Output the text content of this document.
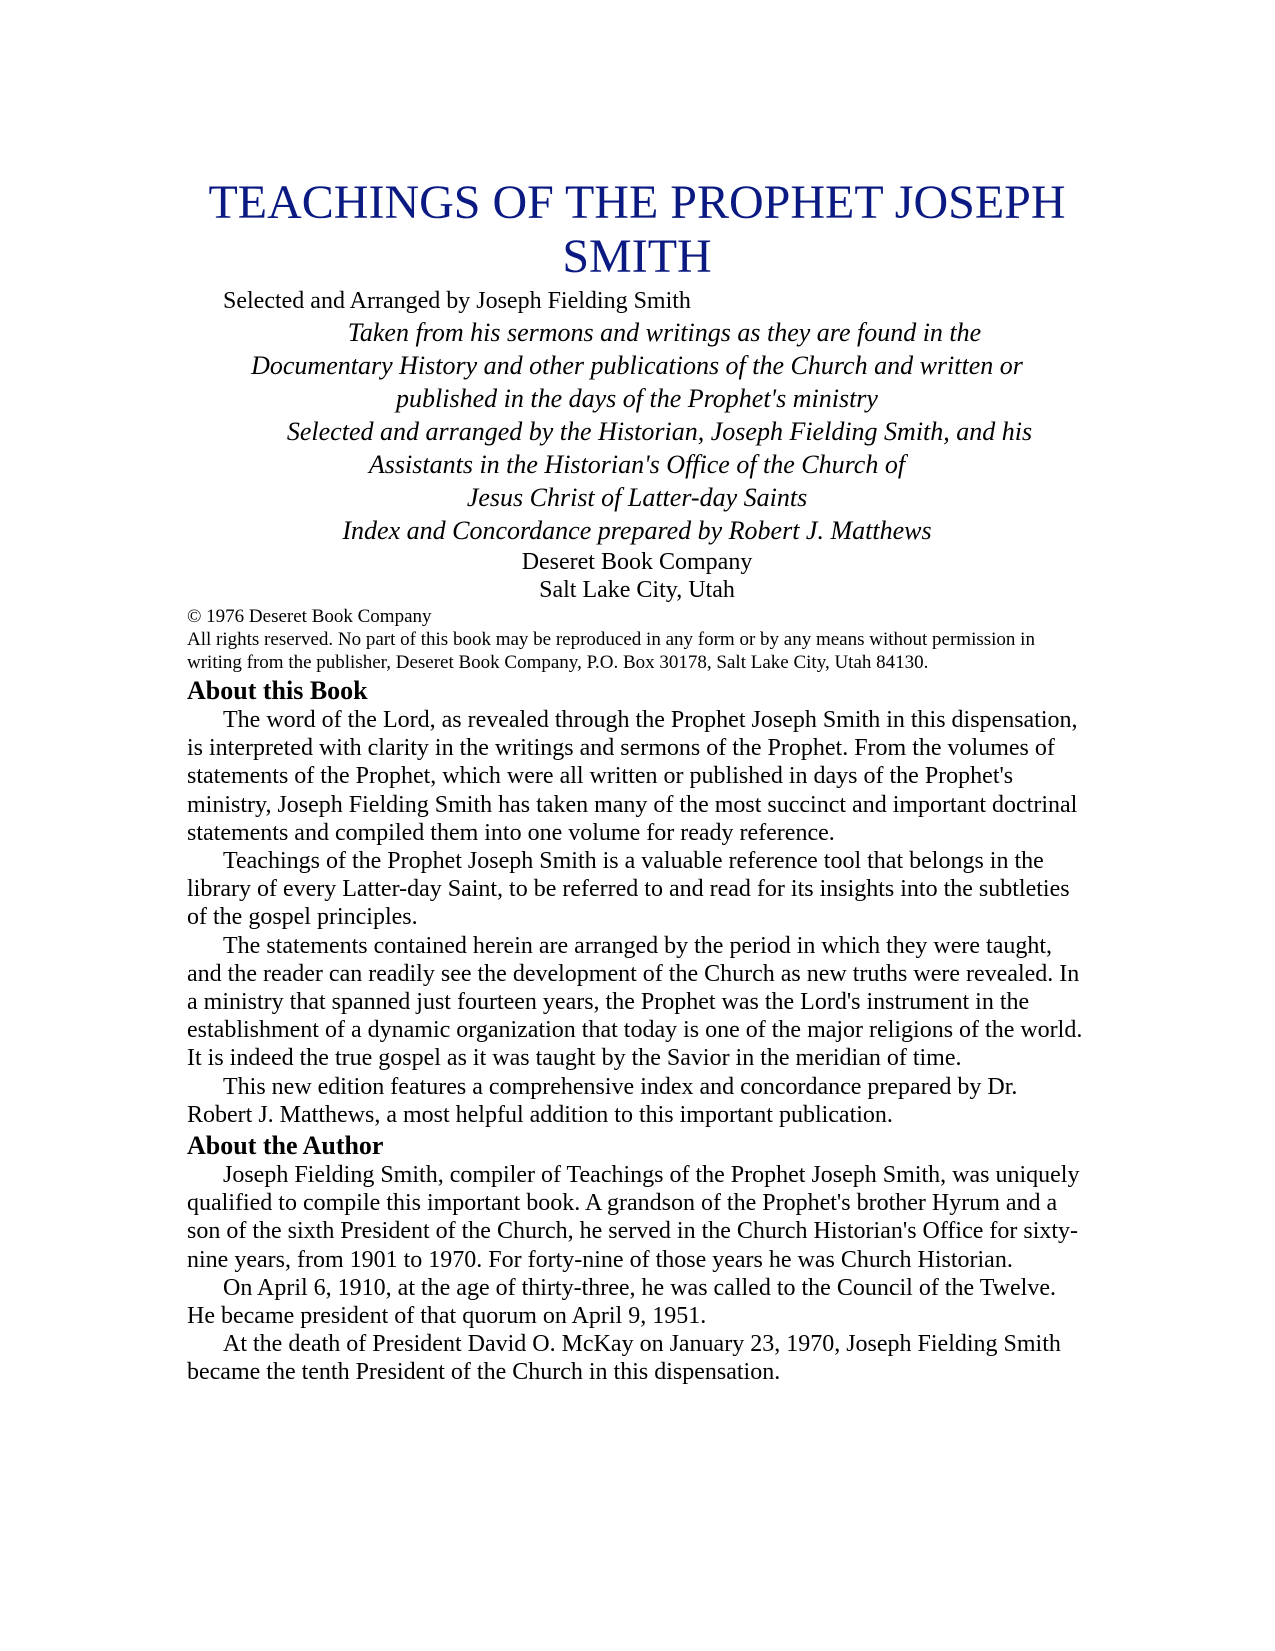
TEACHINGS OF THE PROPHET JOSEPH
SMITH
Selected and Arranged by Joseph Fielding Smith
Taken from his sermons and writings as they are found in the
Documentary History and other publications of the Church and written or
published in the days of the Prophet's ministry
Selected and arranged by the Historian, Joseph Fielding Smith, and his
Assistants in the Historian's Office of the Church of
Jesus Christ of Latter-day Saints
Index and Concordance prepared by Robert J. Matthews
Deseret Book Company
Salt Lake City, Utah
© 1976 Deseret Book Company

All rights reserved. No part of this book may be reproduced in any form or by any means without permission in writing from the publisher, Deseret Book Company, P.O. Box 30178, Salt Lake City, Utah 84130.

About this Book

The word of the Lord, as revealed through the Prophet Joseph Smith in this dispensation, is interpreted with clarity in the writings and sermons of the Prophet. From the volumes of statements of the Prophet, which were all written or published in days of the Prophet's ministry, Joseph Fielding Smith has taken many of the most succinct and important doctrinal statements and compiled them into one volume for ready reference.

Teachings of the Prophet Joseph Smith is a valuable reference tool that belongs in the library of every Latter-day Saint, to be referred to and read for its insights into the subtleties of the gospel principles.

The statements contained herein are arranged by the period in which they were taught, and the reader can readily see the development of the Church as new truths were revealed. In a ministry that spanned just fourteen years, the Prophet was the Lord's instrument in the establishment of a dynamic organization that today is one of the major religions of the world. It is indeed the true gospel as it was taught by the Savior in the meridian of time.

This new edition features a comprehensive index and concordance prepared by Dr. Robert J. Matthews, a most helpful addition to this important publication.

About the Author

Joseph Fielding Smith, compiler of Teachings of the Prophet Joseph Smith, was uniquely qualified to compile this important book. A grandson of the Prophet's brother Hyrum and a son of the sixth President of the Church, he served in the Church Historian's Office for sixty-nine years, from 1901 to 1970. For forty-nine of those years he was Church Historian.

On April 6, 1910, at the age of thirty-three, he was called to the Council of the Twelve. He became president of that quorum on April 9, 1951.

At the death of President David O. McKay on January 23, 1970, Joseph Fielding Smith became the tenth President of the Church in this dispensation.
